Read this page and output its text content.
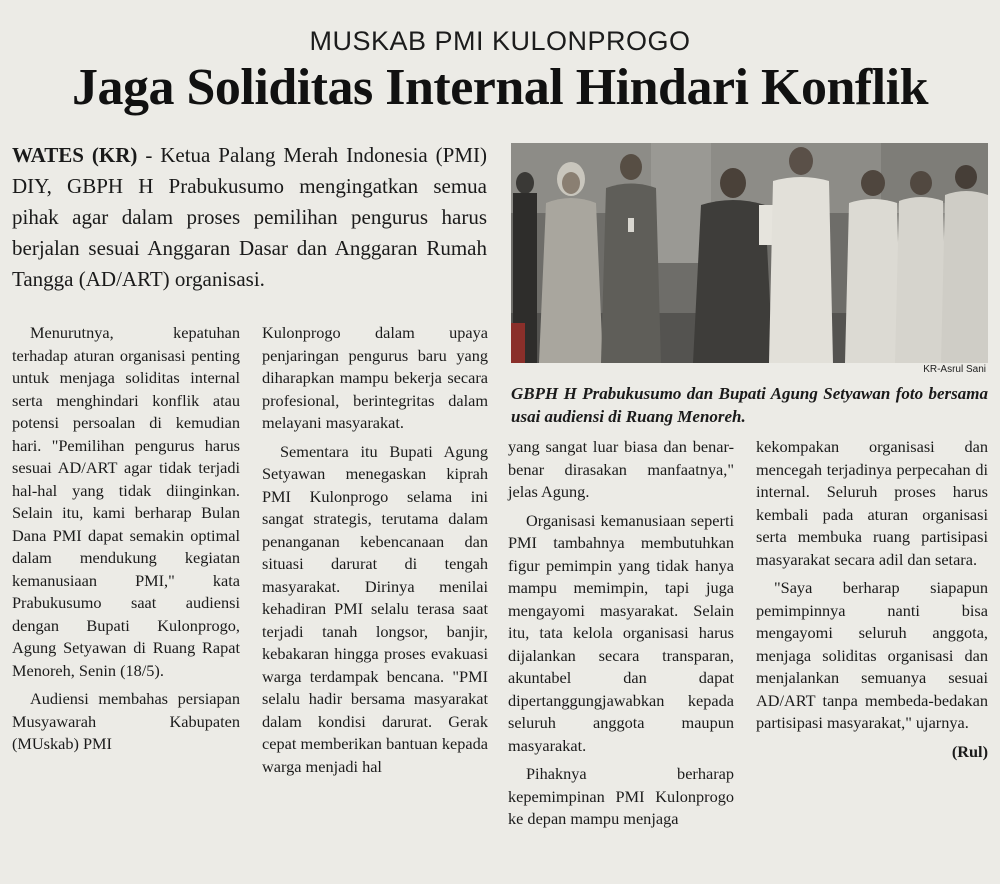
MUSKAB PMI KULONPROGO
Jaga Soliditas Internal Hindari Konflik
WATES (KR) - Ketua Palang Merah Indonesia (PMI) DIY, GBPH H Prabukusumo mengingatkan semua pihak agar dalam proses pemilihan pengurus harus berjalan sesuai Anggaran Dasar dan Anggaran Rumah Tangga (AD/ART) organisasi.
KR-Asrul Sani
GBPH H Prabukusumo dan Bupati Agung Setyawan foto bersama usai audiensi di Ruang Menoreh.

Menurutnya, kepatuhan terhadap aturan organisasi penting untuk menjaga soliditas internal serta menghindari konflik atau potensi persoalan di kemudian hari. "Pemilihan pengurus harus sesuai AD/ART agar tidak terjadi hal-hal yang tidak diinginkan. Selain itu, kami berharap Bulan Dana PMI dapat semakin optimal dalam mendukung kegiatan kemanusiaan PMI," kata Prabukusumo saat audiensi dengan Bupati Kulonprogo, Agung Setyawan di Ruang Rapat Menoreh, Senin (18/5).

Audiensi membahas persiapan Musyawarah Kabupaten (MUskab) PMI

Kulonprogo dalam upaya penjaringan pengurus baru yang diharapkan mampu bekerja secara profesional, berintegritas dalam melayani masyarakat.

Sementara itu Bupati Agung Setyawan menegaskan kiprah PMI Kulonprogo selama ini sangat strategis, terutama dalam penanganan kebencanaan dan situasi darurat di tengah masyarakat. Dirinya menilai kehadiran PMI selalu terasa saat terjadi tanah longsor, banjir, kebakaran hingga proses evakuasi warga terdampak bencana. "PMI selalu hadir bersama masyarakat dalam kondisi darurat. Gerak cepat memberikan bantuan kepada warga menjadi hal

yang sangat luar biasa dan benar-benar dirasakan manfaatnya," jelas Agung.

Organisasi kemanusiaan seperti PMI tambahnya membutuhkan figur pemimpin yang tidak hanya mampu memimpin, tapi juga mengayomi masyarakat. Selain itu, tata kelola organisasi harus dijalankan secara transparan, akuntabel dan dapat dipertanggungjawabkan kepada seluruh anggota maupun masyarakat.

Pihaknya berharap kepemimpinan PMI Kulonprogo ke depan mampu menjaga

kekompakan organisasi dan mencegah terjadinya perpecahan di internal. Seluruh proses harus kembali pada aturan organisasi serta membuka ruang partisipasi masyarakat secara adil dan setara.

"Saya berharap siapapun pemimpinnya nanti bisa mengayomi seluruh anggota, menjaga soliditas organisasi dan menjalankan semuanya sesuai AD/ART tanpa membeda-bedakan partisipasi masyarakat," ujarnya.

(Rul)
